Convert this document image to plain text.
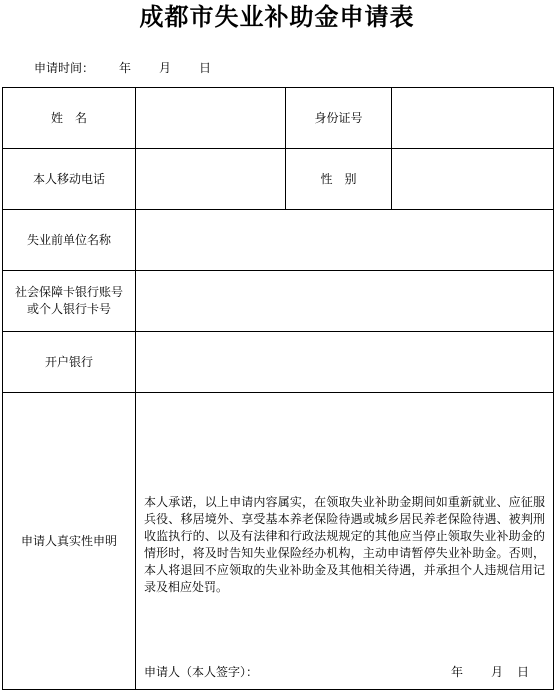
成都市失业补助金申请表
申请时间： 年 月 日
姓　名		身份证号	
本人移动电话		性　别	
失业前单位名称			

社会保障卡银行账号
或个人银行卡号			

开户银行			
申请人真实性申明	本人承诺，以上申请内容属实，在领取失业补助金期间如重新就业、应征服兵役、移居境外、享受基本养老保险待遇或城乡居民养老保险待遇、被判刑收监执行的、以及有法律和行政法规规定的其他应当停止领取失业补助金的情形时，将及时告知失业保险经办机构，主动申请暂停失业补助金。否则，本人将退回不应领取的失业补助金及其他相关待遇，并承担个人违规信用记录及相应处罚。
申请人（本人签字）： 年 月 日		
